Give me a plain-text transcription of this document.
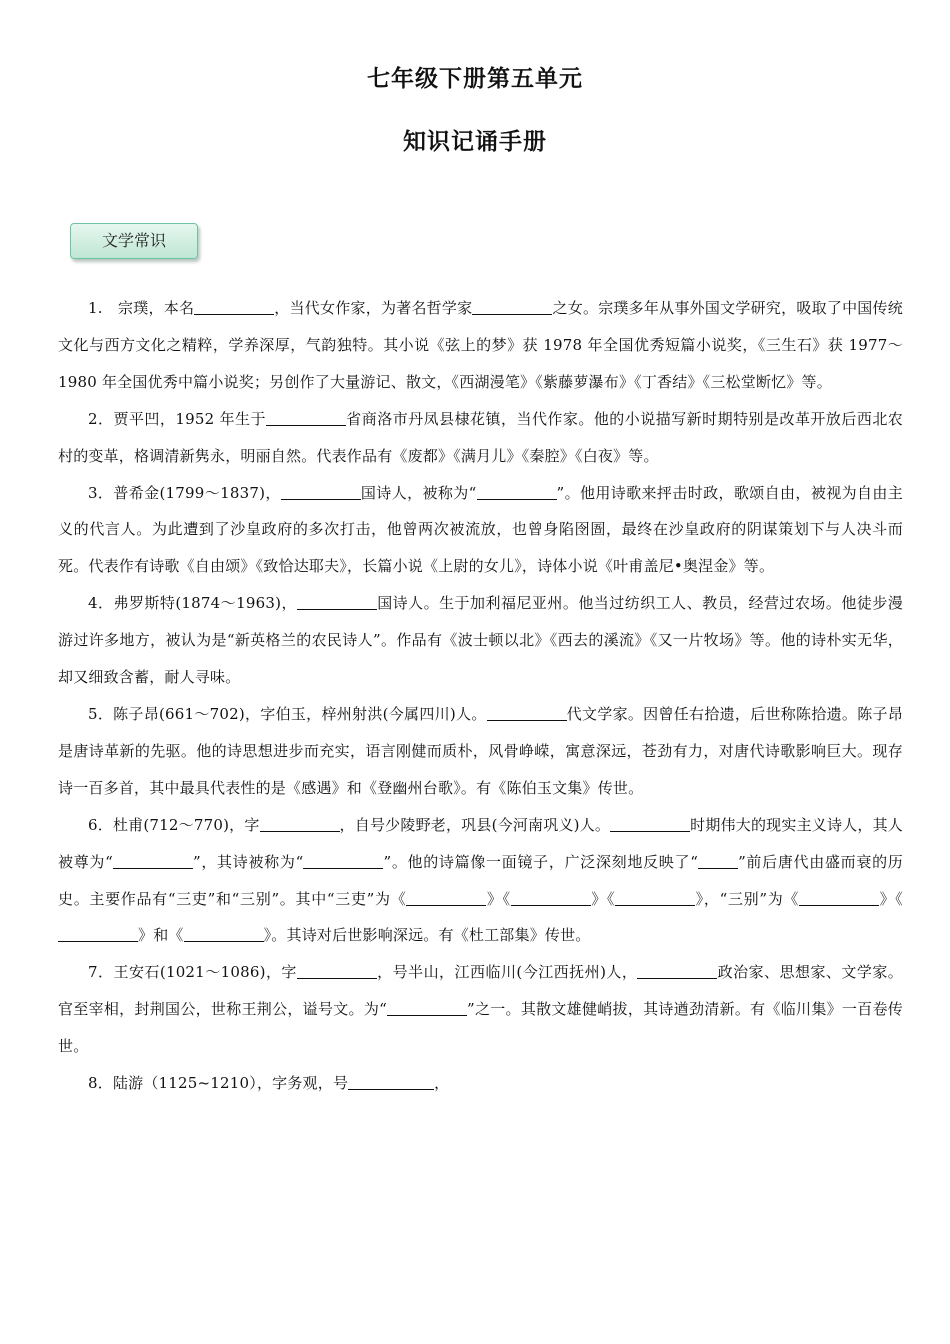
七年级下册第五单元
知识记诵手册
文学常识

1.　宗璞，本名	，当代女作家，为著名哲学家	之女。宗璞多年从事外国文学研究，吸取了中国传统文化与西方文化之精粹，学养深厚，气韵独特。其小说《弦上的梦》获 1978 年全国优秀短篇小说奖，《三生石》获 1977～1980 年全国优秀中篇小说奖；另创作了大量游记、散文，《西湖漫笔》《紫藤萝瀑布》《丁香结》《三松堂断忆》等。

2．贾平凹，1952 年生于	省商洛市丹凤县棣花镇，当代作家。他的小说描写新时期特别是改革开放后西北农村的变革，格调清新隽永，明丽自然。代表作品有《废都》《满月儿》《秦腔》《白夜》等。

3．普希金(1799～1837)，	国诗人，被称为“	”。他用诗歌来抨击时政，歌颂自由，被视为自由主义的代言人。为此遭到了沙皇政府的多次打击，他曾两次被流放，也曾身陷囹圄，最终在沙皇政府的阴谋策划下与人决斗而死。代表作有诗歌《自由颂》《致恰达耶夫》，长篇小说《上尉的女儿》，诗体小说《叶甫盖尼•奥涅金》等。

4．弗罗斯特(1874～1963)，	国诗人。生于加利福尼亚州。他当过纺织工人、教员，经营过农场。他徒步漫游过许多地方，被认为是“新英格兰的农民诗人”。作品有《波士顿以北》《西去的溪流》《又一片牧场》等。他的诗朴实无华，却又细致含蓄，耐人寻味。

5．陈子昂(661～702)，字伯玉，梓州射洪(今属四川)人。	代文学家。因曾任右拾遗，后世称陈拾遗。陈子昂是唐诗革新的先驱。他的诗思想进步而充实，语言刚健而质朴，风骨峥嵘，寓意深远，苍劲有力，对唐代诗歌影响巨大。现存诗一百多首，其中最具代表性的是《感遇》和《登幽州台歌》。有《陈伯玉文集》传世。

6．杜甫(712～770)，字	，自号少陵野老，巩县(今河南巩义)人。	时期伟大的现实主义诗人，其人被尊为“	”，其诗被称为“	”。他的诗篇像一面镜子，广泛深刻地反映了“	”前后唐代由盛而衰的历史。主要作品有“三吏”和“三别”。其中“三吏”为《	》《	》《	》，“三别”为《	》《》和《	》。其诗对后世影响深远。有《杜工部集》传世。

7．王安石(1021～1086)，字	，号半山，江西临川(今江西抚州)人，	政治家、思想家、文学家。官至宰相，封荆国公，世称王荆公，谥号文。为“	”之一。其散文雄健峭拔，其诗遒劲清新。有《临川集》一百卷传世。

8．陆游（1125~1210），字务观，号	，
